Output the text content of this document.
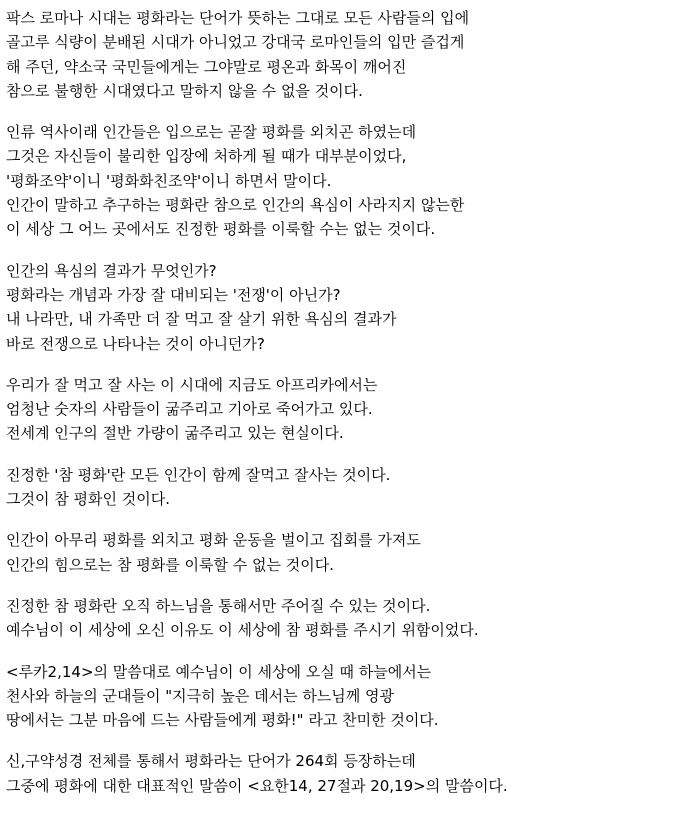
팍스 로마나 시대는 평화라는 단어가 뜻하는 그대로 모든 사람들의 입에
골고루 식량이 분배된 시대가 아니었고 강대국 로마인들의 입만 즐겁게
해 주던, 약소국 국민들에게는 그야말로 평온과 화목이 깨어진
참으로 불행한 시대였다고 말하지 않을 수 없을 것이다.
인류 역사이래 인간들은 입으로는 곧잘 평화를 외치곤 하였는데
그것은 자신들이 불리한 입장에 처하게 될 때가 대부분이었다,
'평화조약'이니 '평화화친조약'이니 하면서 말이다.
인간이 말하고 추구하는 평화란 참으로 인간의 욕심이 사라지지 않는한
이 세상 그 어느 곳에서도 진정한 평화를 이룩할 수는 없는 것이다.
인간의 욕심의 결과가 무엇인가?
평화라는 개념과 가장 잘 대비되는 '전쟁'이 아닌가?
내 나라만, 내 가족만 더 잘 먹고 잘 살기 위한 욕심의 결과가
바로 전쟁으로 나타나는 것이 아니던가?
우리가 잘 먹고 잘 사는 이 시대에 지금도 아프리카에서는
엄청난 숫자의 사람들이 굶주리고 기아로 죽어가고 있다.
전세계 인구의 절반 가량이 굶주리고 있는 현실이다.
진정한 '참 평화'란 모든 인간이 함께 잘먹고 잘사는 것이다.
그것이 참 평화인 것이다.
인간이 아무리 평화를 외치고 평화 운동을 벌이고 집회를 가져도
인간의 힘으로는 참 평화를 이룩할 수 없는 것이다.
진정한 참 평화란 오직 하느님을 통해서만 주어질 수 있는 것이다.
예수님이 이 세상에 오신 이유도 이 세상에 참 평화를 주시기 위함이었다.
<루카2,14>의 말씀대로 예수님이 이 세상에 오실 때 하늘에서는
천사와 하늘의 군대들이 "지극히 높은 데서는 하느님께 영광
땅에서는 그분 마음에 드는 사람들에게 평화!" 라고 찬미한 것이다.
신,구약성경 전체를 통해서 평화라는 단어가 264회 등장하는데
그중에 평화에 대한 대표적인 말씀이 <요한14, 27절과 20,19>의 말씀이다.
